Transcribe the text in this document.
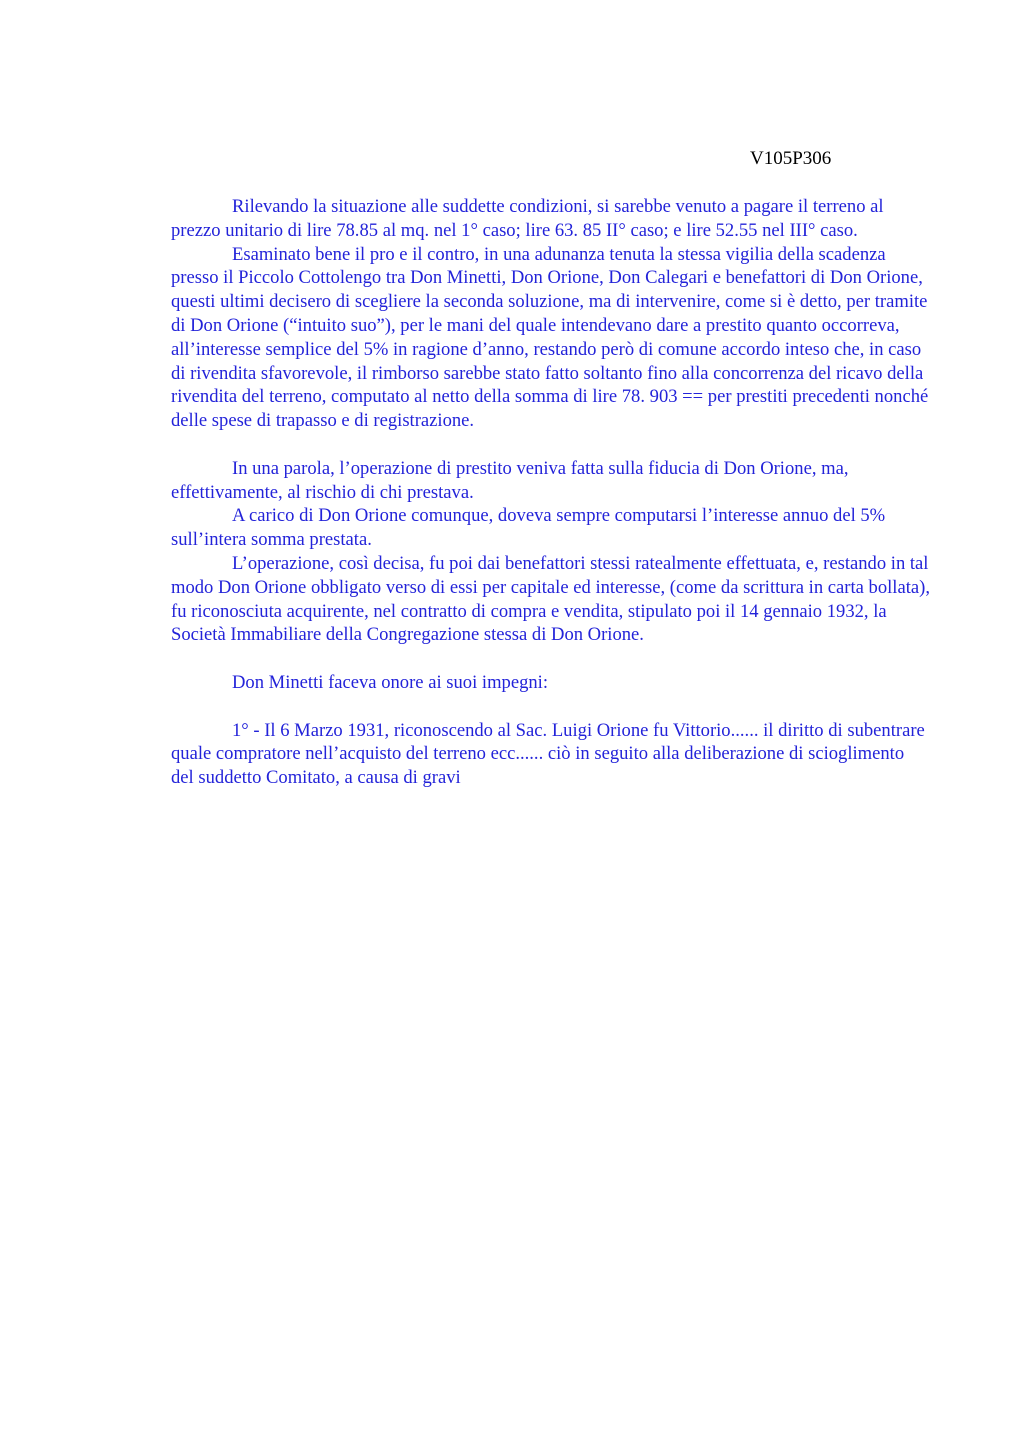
V105P306

Rilevando la situazione alle suddette condizioni, si sarebbe venuto a pagare il terreno al prezzo unitario di lire 78.85 al mq. nel 1° caso; lire 63. 85 II° caso; e lire 52.55 nel III° caso.

Esaminato bene il pro e il contro, in una adunanza tenuta la stessa vigilia della scadenza presso il Piccolo Cottolengo tra Don Minetti, Don Orione, Don Calegari e benefattori di Don Orione, questi ultimi decisero di scegliere la seconda soluzione, ma di intervenire, come si è detto, per tramite di Don Orione (“intuito suo”), per le mani del quale intendevano dare a prestito quanto occorreva, all’interesse semplice del 5% in ragione d’anno, restando però di comune accordo inteso che, in caso di rivendita sfavorevole, il rimborso sarebbe stato fatto soltanto fino alla concorrenza del ricavo della rivendita del terreno, computato al netto della somma di lire 78. 903 == per prestiti precedenti nonché delle spese di trapasso e di registrazione.

In una parola, l’operazione di prestito veniva fatta sulla fiducia di Don Orione, ma, effettivamente, al rischio di chi prestava.

A carico di Don Orione comunque, doveva sempre computarsi l’interesse annuo del 5% sull’intera somma prestata.

L’operazione, così decisa, fu poi dai benefattori stessi ratealmente effettuata, e, restando in tal modo Don Orione obbligato verso di essi per capitale ed interesse, (come da scrittura in carta bollata), fu riconosciuta acquirente, nel contratto di compra e vendita, stipulato poi il 14 gennaio 1932, la Società Immabiliare della Congregazione stessa di Don Orione.

Don Minetti faceva onore ai suoi impegni:

1° - Il 6 Marzo 1931, riconoscendo al Sac. Luigi Orione fu Vittorio...... il diritto di subentrare quale compratore nell’acquisto del terreno ecc...... ciò in seguito alla deliberazione di scioglimento del suddetto Comitato, a causa di gravi
